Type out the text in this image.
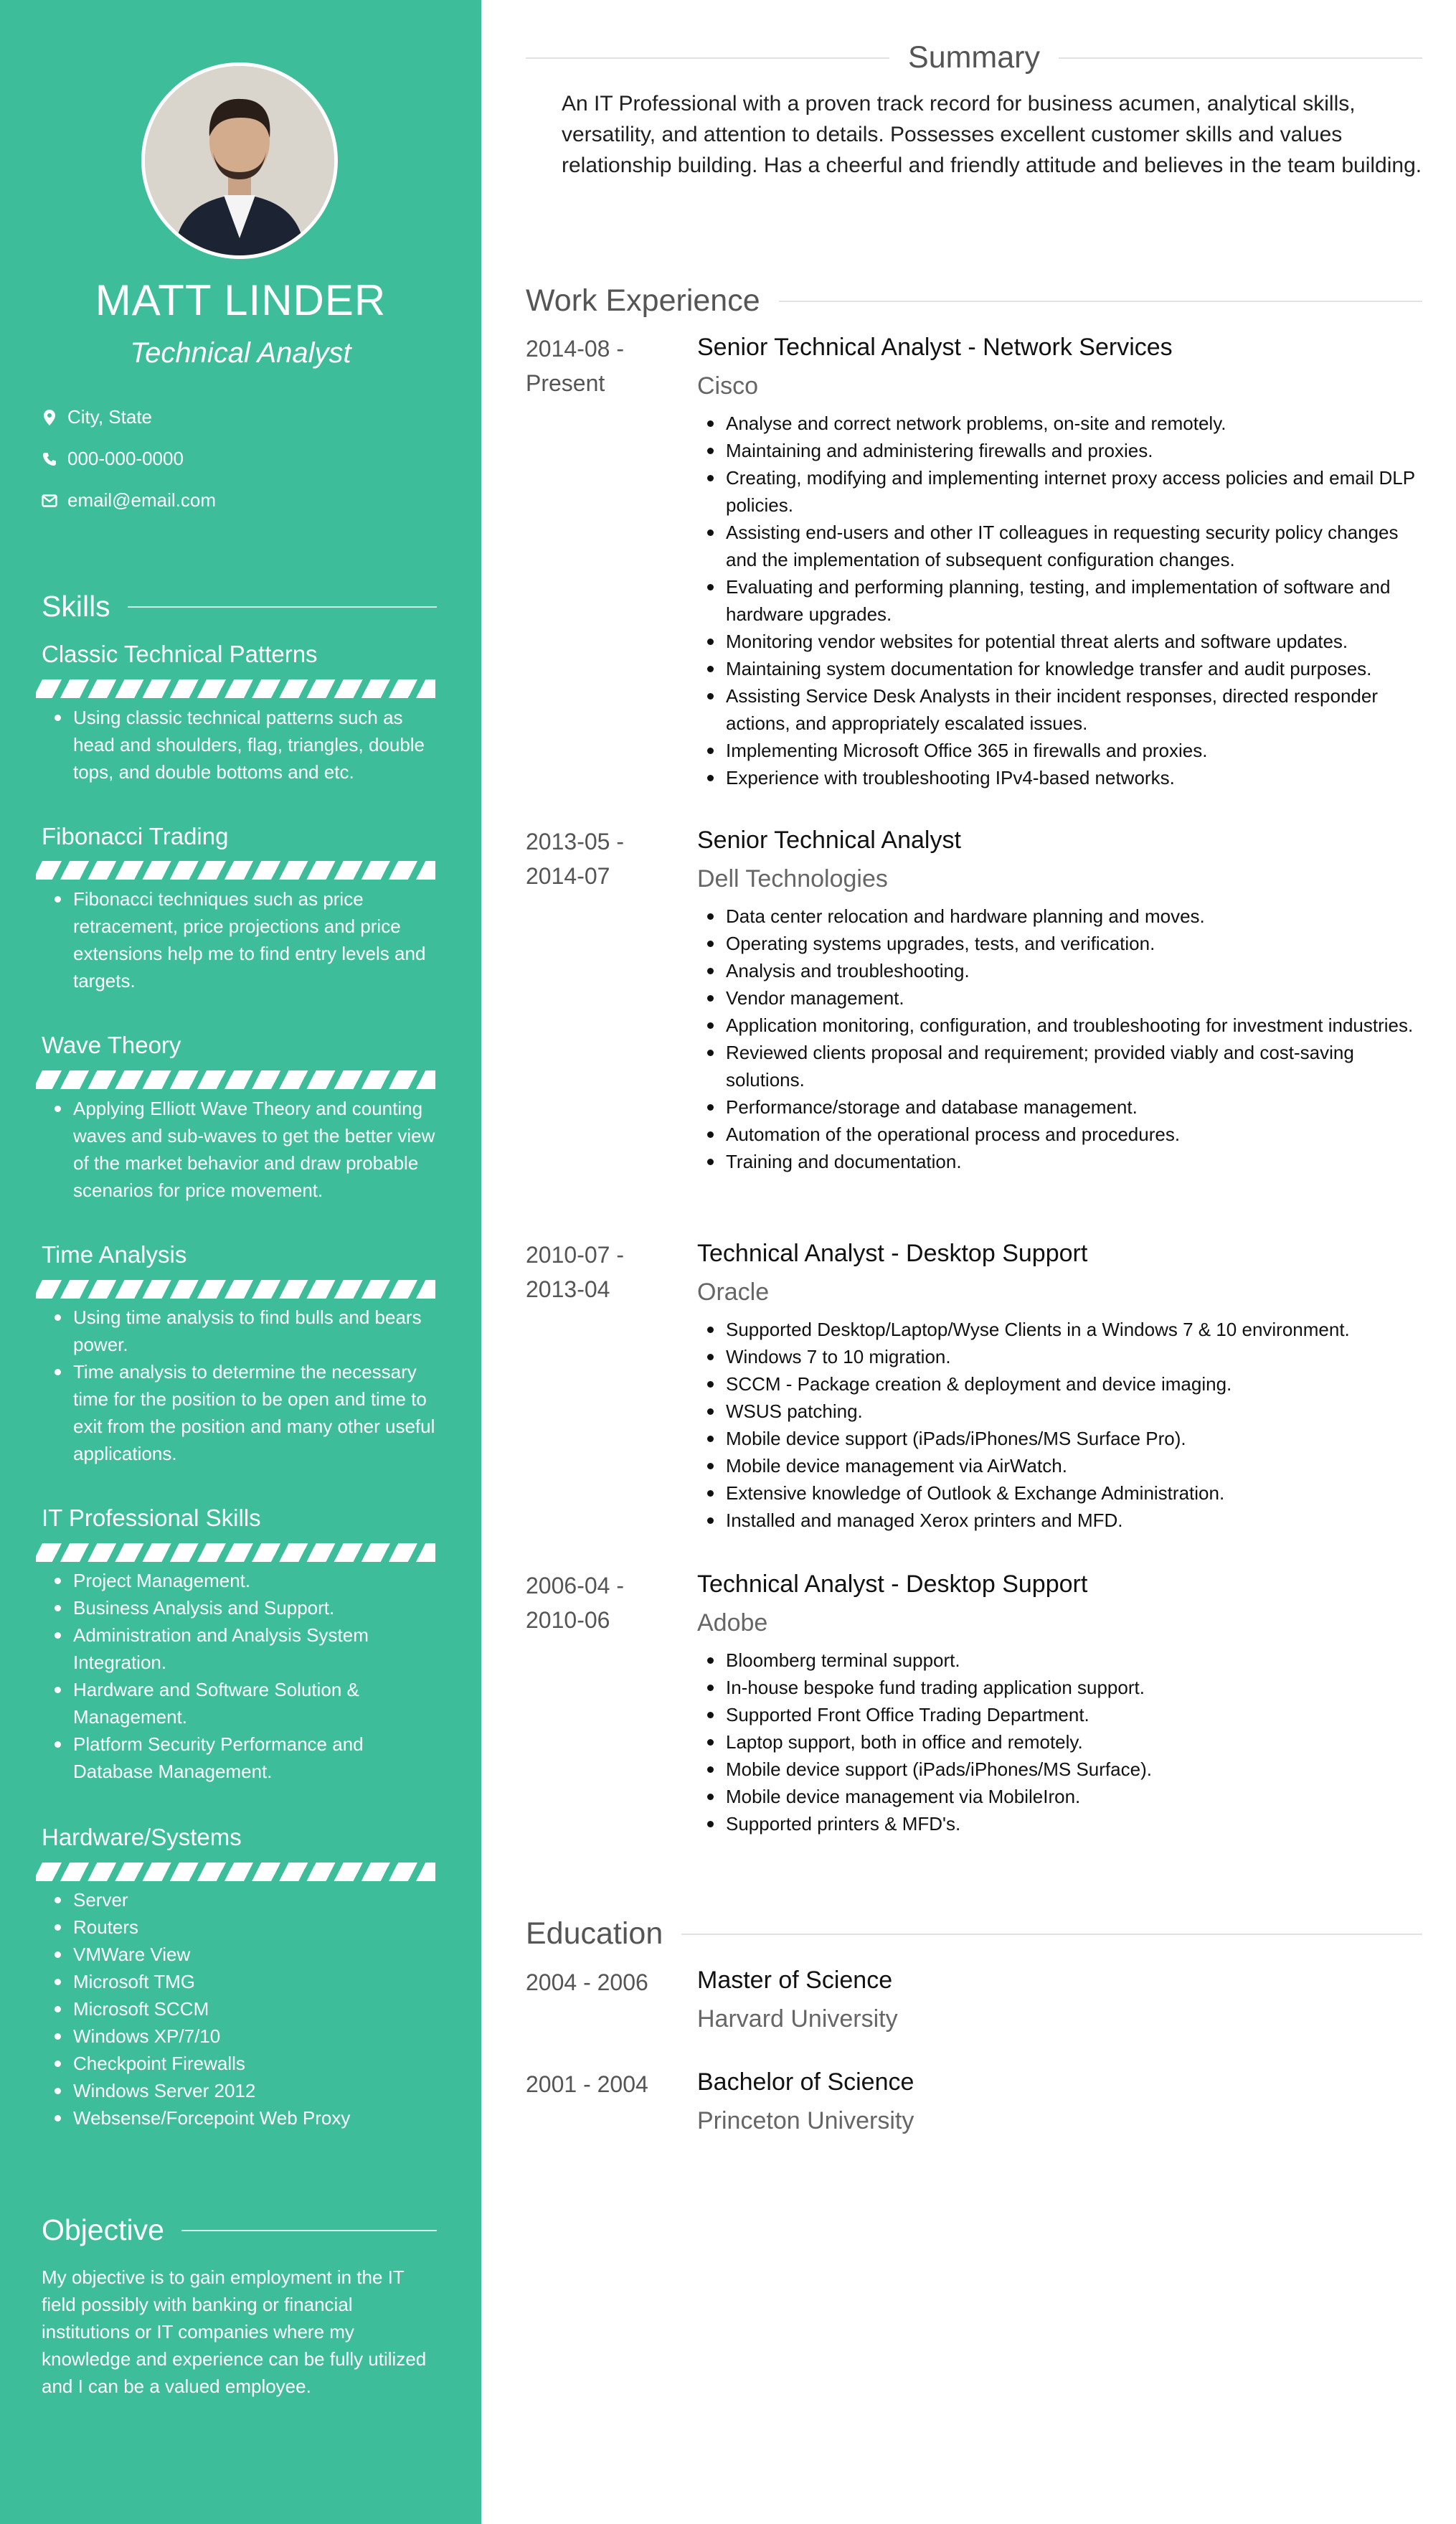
MATT LINDER
Technical Analyst
City, State
000-000-0000
email@email.com
Skills
Classic Technical Patterns
Using classic technical patterns such as head and shoulders, flag, triangles, double tops, and double bottoms and etc.
Fibonacci Trading
Fibonacci techniques such as price retracement, price projections and price extensions help me to find entry levels and targets.
Wave Theory
Applying Elliott Wave Theory and counting waves and sub-waves to get the better view of the market behavior and draw probable scenarios for price movement.
Time Analysis
Using time analysis to find bulls and bears power.
Time analysis to determine the necessary time for the position to be open and time to exit from the position and many other useful applications.
IT Professional Skills
Project Management.
Business Analysis and Support.
Administration and Analysis System Integration.
Hardware and Software Solution & Management.
Platform Security Performance and Database Management.
Hardware/Systems
Server
Routers
VMWare View
Microsoft TMG
Microsoft SCCM
Windows XP/7/10
Checkpoint Firewalls
Windows Server 2012
Websense/Forcepoint Web Proxy
Objective
My objective is to gain employment in the IT field possibly with banking or financial institutions or IT companies where my knowledge and experience can be fully utilized and I can be a valued employee.
Summary
An IT Professional with a proven track record for business acumen, analytical skills, versatility, and attention to details. Possesses excellent customer skills and values relationship building. Has a cheerful and friendly attitude and believes in the team building.
Work Experience
2014-08 -
Present
Senior Technical Analyst - Network Services
Cisco
Analyse and correct network problems, on-site and remotely.
Maintaining and administering firewalls and proxies.
Creating, modifying and implementing internet proxy access policies and email DLP policies.
Assisting end-users and other IT colleagues in requesting security policy changes and the implementation of subsequent configuration changes.
Evaluating and performing planning, testing, and implementation of software and hardware upgrades.
Monitoring vendor websites for potential threat alerts and software updates.
Maintaining system documentation for knowledge transfer and audit purposes.
Assisting Service Desk Analysts in their incident responses, directed responder actions, and appropriately escalated issues.
Implementing Microsoft Office 365 in firewalls and proxies.
Experience with troubleshooting IPv4-based networks.
2013-05 -
2014-07
Senior Technical Analyst
Dell Technologies
Data center relocation and hardware planning and moves.
Operating systems upgrades, tests, and verification.
Analysis and troubleshooting.
Vendor management.
Application monitoring, configuration, and troubleshooting for investment industries.
Reviewed clients proposal and requirement; provided viably and cost-saving solutions.
Performance/storage and database management.
Automation of the operational process and procedures.
Training and documentation.
2010-07 -
2013-04
Technical Analyst - Desktop Support
Oracle
Supported Desktop/Laptop/Wyse Clients in a Windows 7 & 10 environment.
Windows 7 to 10 migration.
SCCM - Package creation & deployment and device imaging.
WSUS patching.
Mobile device support (iPads/iPhones/MS Surface Pro).
Mobile device management via AirWatch.
Extensive knowledge of Outlook & Exchange Administration.
Installed and managed Xerox printers and MFD.
2006-04 -
2010-06
Technical Analyst - Desktop Support
Adobe
Bloomberg terminal support.
In-house bespoke fund trading application support.
Supported Front Office Trading Department.
Laptop support, both in office and remotely.
Mobile device support (iPads/iPhones/MS Surface).
Mobile device management via MobileIron.
Supported printers & MFD's.
Education
2004 - 2006	Master of Science
Harvard University
2001 - 2004	Bachelor of Science
Princeton University
